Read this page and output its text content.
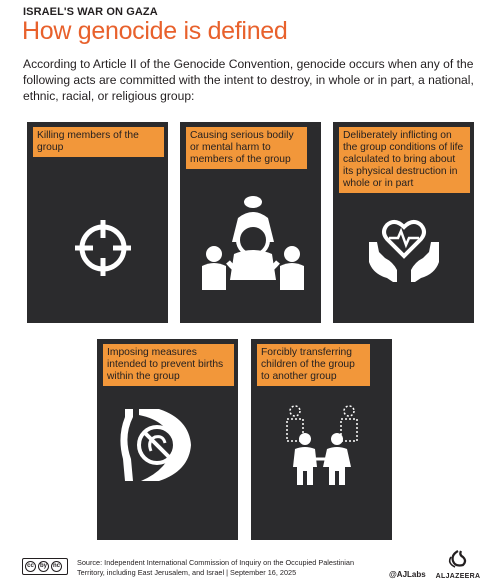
ISRAEL'S WAR ON GAZA
How genocide is defined
According to Article II of the Genocide Convention, genocide occurs when any of the following acts are committed with the intent to destroy, in whole or in part, a national, ethnic, racial, or religious group:
Killing members of the group
Causing serious bodily or mental harm to members of the group
Deliberately inflicting on the group conditions of life calculated to bring about its physical destruction in whole or in part
Imposing measures intended to prevent births within the group
Forcibly transferring children of the group to another group
cc	by nc Source: Independent International Commission of Inquiry on the Occupied Palestinian Territory, including East Jerusalem, and Israel | September 16, 2025	@AJLabs	ALJAZEERA
